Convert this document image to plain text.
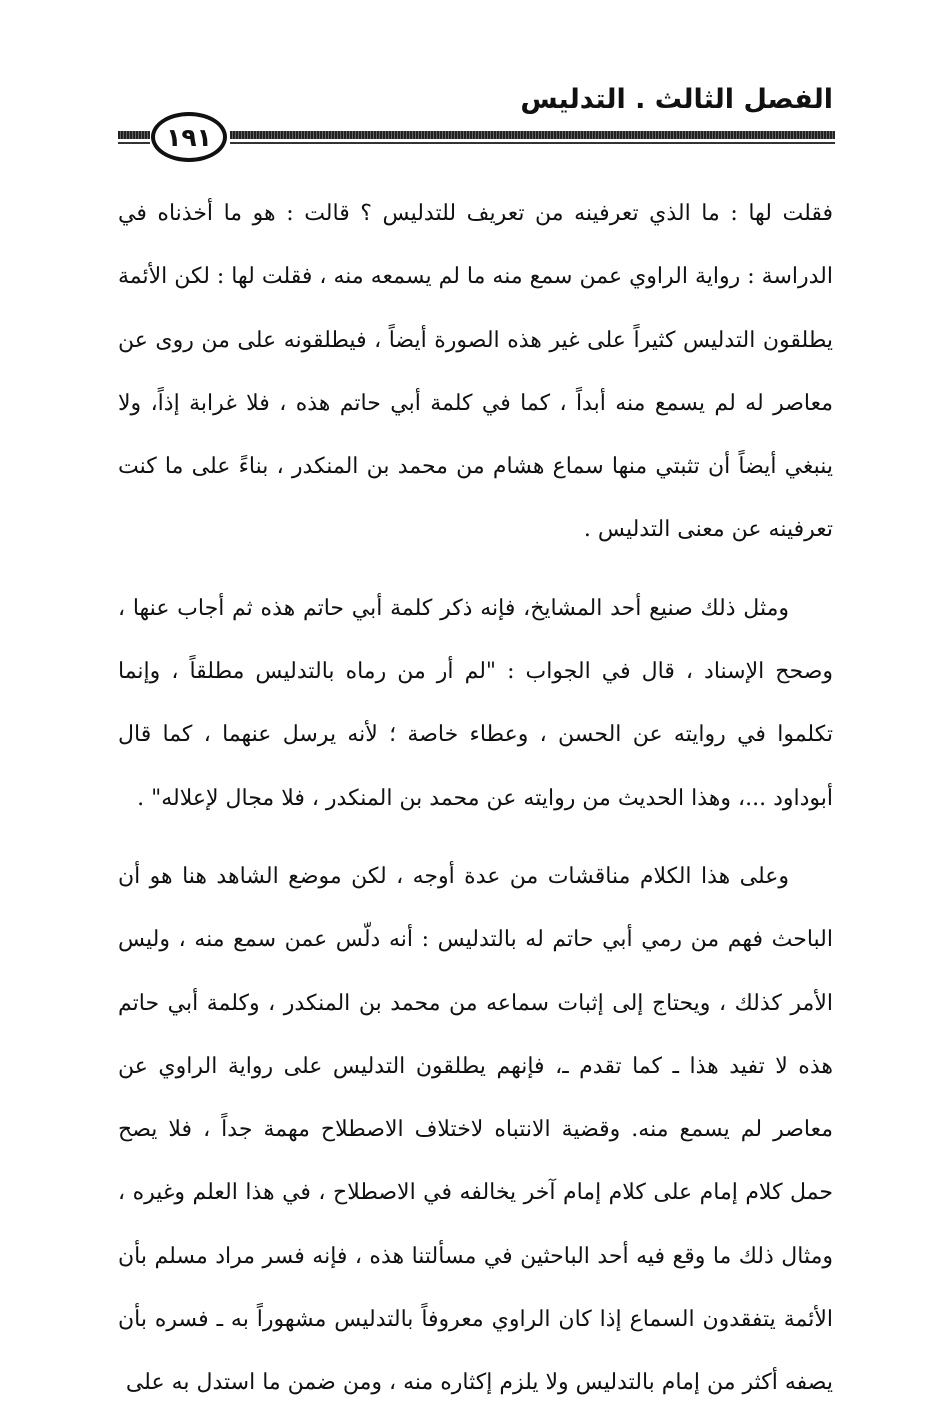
الفصل الثالث . التدليس
١٩١

فقلت لها : ما الذي تعرفينه من تعريف للتدليس ؟ قالت : هو ما أخذناه في الدراسة : رواية الراوي عمن سمع منه ما لم يسمعه منه ، فقلت لها : لكن الأئمة يطلقون التدليس كثيراً على غير هذه الصورة أيضاً ، فيطلقونه على من روى عن معاصر له لم يسمع منه أبداً ، كما في كلمة أبي حاتم هذه ، فلا غرابة إذاً، ولا ينبغي أيضاً أن تثبتي منها سماع هشام من محمد بن المنكدر ، بناءً على ما كنت تعرفينه عن معنى التدليس .

ومثل ذلك صنيع أحد المشايخ، فإنه ذكر كلمة أبي حاتم هذه ثم أجاب عنها ، وصحح الإسناد ، قال في الجواب : "لم أر من رماه بالتدليس مطلقاً ، وإنما تكلموا في روايته عن الحسن ، وعطاء خاصة ؛ لأنه يرسل عنهما ، كما قال أبوداود ...، وهذا الحديث من روايته عن محمد بن المنكدر ، فلا مجال لإعلاله" .

وعلى هذا الكلام مناقشات من عدة أوجه ، لكن موضع الشاهد هنا هو أن الباحث فهم من رمي أبي حاتم له بالتدليس : أنه دلّس عمن سمع منه ، وليس الأمر كذلك ، ويحتاج إلى إثبات سماعه من محمد بن المنكدر ، وكلمة أبي حاتم هذه لا تفيد هذا ـ كما تقدم ـ، فإنهم يطلقون التدليس على رواية الراوي عن معاصر لم يسمع منه. وقضية الانتباه لاختلاف الاصطلاح مهمة جداً ، فلا يصح حمل كلام إمام على كلام إمام آخر يخالفه في الاصطلاح ، في هذا العلم وغيره ، ومثال ذلك ما وقع فيه أحد الباحثين في مسألتنا هذه ، فإنه فسر مراد مسلم بأن الأئمة يتفقدون السماع إذا كان الراوي معروفاً بالتدليس مشهوراً به ـ فسره بأن يصفه أكثر من إمام بالتدليس ولا يلزم إكثاره منه ، ومن ضمن ما استدل به على
